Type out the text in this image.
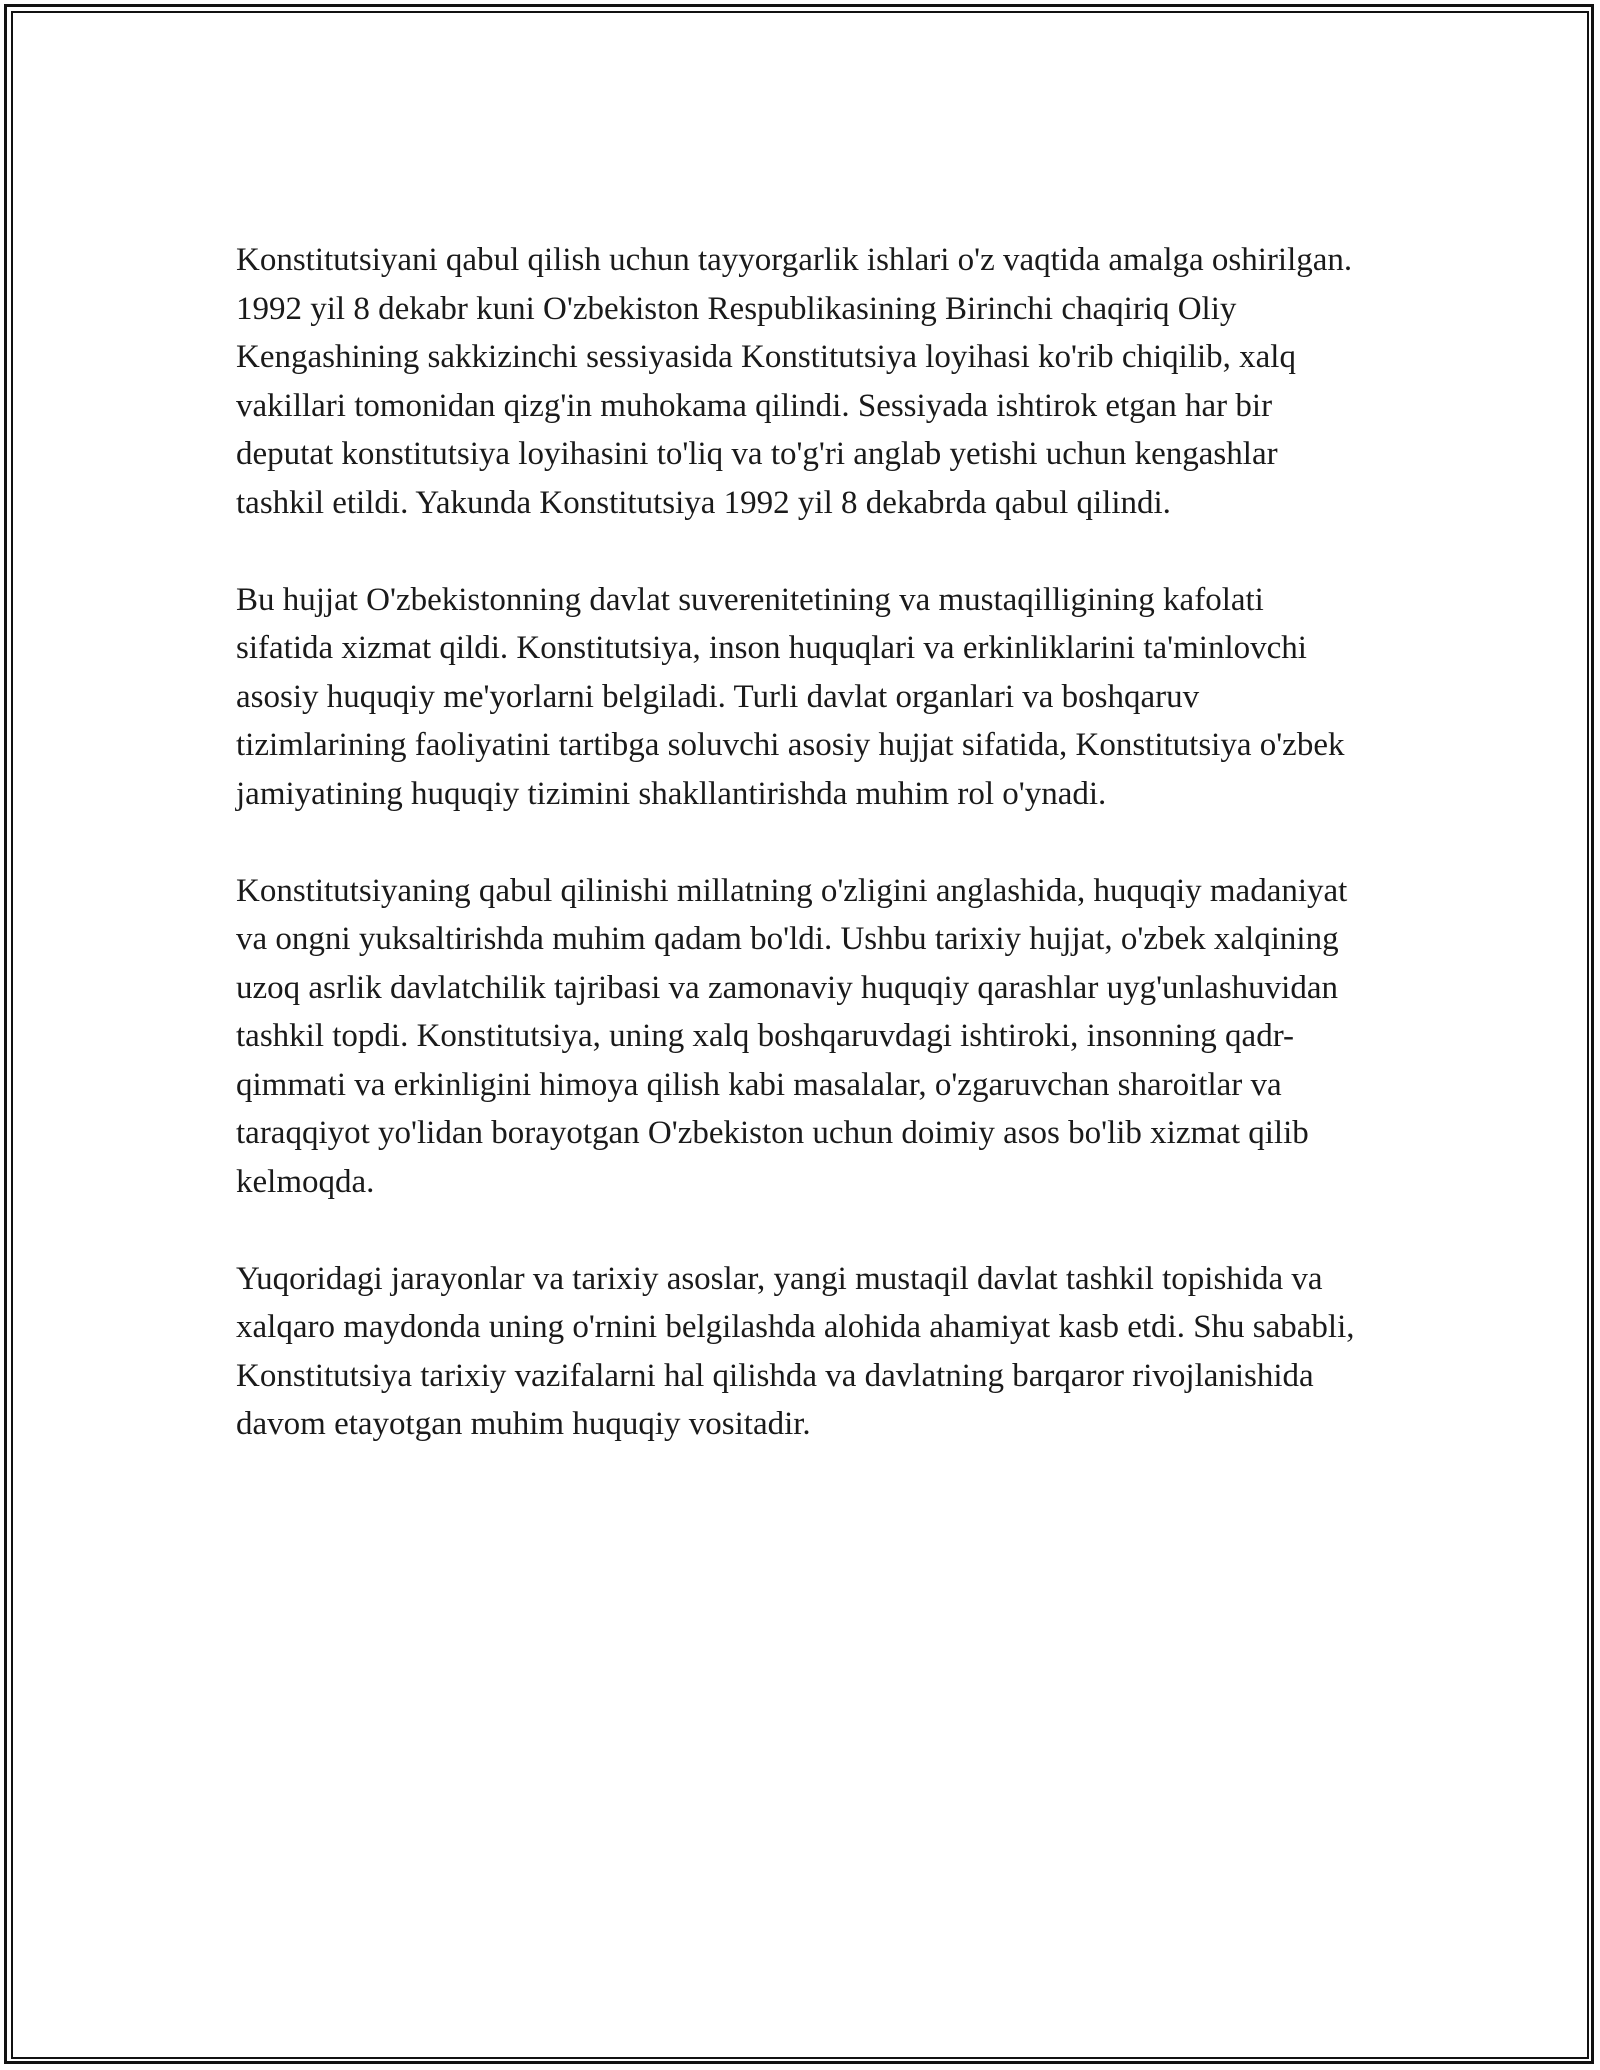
Konstitutsiyani qabul qilish uchun tayyorgarlik ishlari o'z vaqtida amalga oshirilgan. 1992 yil 8 dekabr kuni O'zbekiston Respublikasining Birinchi chaqiriq Oliy Kengashining sakkizinchi sessiyasida Konstitutsiya loyihasi ko'rib chiqilib, xalq vakillari tomonidan qizg'in muhokama qilindi. Sessiyada ishtirok etgan har bir deputat konstitutsiya loyihasini to'liq va to'g'ri anglab yetishi uchun kengashlar tashkil etildi. Yakunda Konstitutsiya 1992 yil 8 dekabrda qabul qilindi.

Bu hujjat O'zbekistonning davlat suverenitetining va mustaqilligining kafolati sifatida xizmat qildi. Konstitutsiya, inson huquqlari va erkinliklarini ta'minlovchi asosiy huquqiy me'yorlarni belgiladi. Turli davlat organlari va boshqaruv tizimlarining faoliyatini tartibga soluvchi asosiy hujjat sifatida, Konstitutsiya o'zbek jamiyatining huquqiy tizimini shakllantirishda muhim rol o'ynadi.

Konstitutsiyaning qabul qilinishi millatning o'zligini anglashida, huquqiy madaniyat va ongni yuksaltirishda muhim qadam bo'ldi. Ushbu tarixiy hujjat, o'zbek xalqining uzoq asrlik davlatchilik tajribasi va zamonaviy huquqiy qarashlar uyg'unlashuvidan tashkil topdi. Konstitutsiya, uning xalq boshqaruvdagi ishtiroki, insonning qadr-qimmati va erkinligini himoya qilish kabi masalalar, o'zgaruvchan sharoitlar va taraqqiyot yo'lidan borayotgan O'zbekiston uchun doimiy asos bo'lib xizmat qilib kelmoqda.

Yuqoridagi jarayonlar va tarixiy asoslar, yangi mustaqil davlat tashkil topishida va xalqaro maydonda uning o'rnini belgilashda alohida ahamiyat kasb etdi. Shu sababli, Konstitutsiya tarixiy vazifalarni hal qilishda va davlatning barqaror rivojlanishida davom etayotgan muhim huquqiy vositadir.
